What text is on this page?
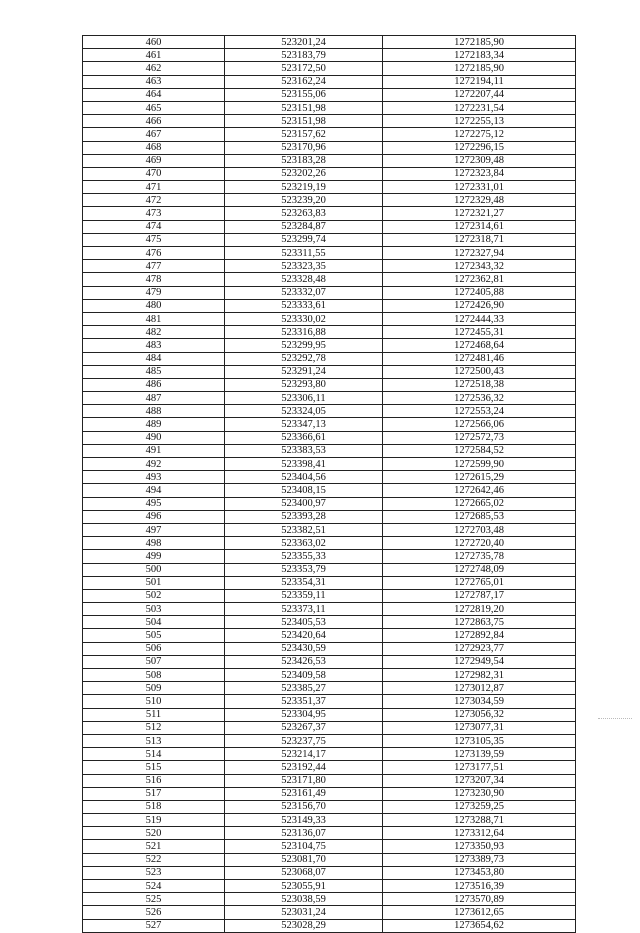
460	523201,24	1272185,90
461	523183,79	1272183,34
462	523172,50	1272185,90
463	523162,24	1272194,11
464	523155,06	1272207,44
465	523151,98	1272231,54
466	523151,98	1272255,13
467	523157,62	1272275,12
468	523170,96	1272296,15
469	523183,28	1272309,48
470	523202,26	1272323,84
471	523219,19	1272331,01
472	523239,20	1272329,48
473	523263,83	1272321,27
474	523284,87	1272314,61
475	523299,74	1272318,71
476	523311,55	1272327,94
477	523323,35	1272343,32
478	523328,48	1272362,81
479	523332,07	1272405,88
480	523333,61	1272426,90
481	523330,02	1272444,33
482	523316,88	1272455,31
483	523299,95	1272468,64
484	523292,78	1272481,46
485	523291,24	1272500,43
486	523293,80	1272518,38
487	523306,11	1272536,32
488	523324,05	1272553,24
489	523347,13	1272566,06
490	523366,61	1272572,73
491	523383,53	1272584,52
492	523398,41	1272599,90
493	523404,56	1272615,29
494	523408,15	1272642,46
495	523400,97	1272665,02
496	523393,28	1272685,53
497	523382,51	1272703,48
498	523363,02	1272720,40
499	523355,33	1272735,78
500	523353,79	1272748,09
501	523354,31	1272765,01
502	523359,11	1272787,17
503	523373,11	1272819,20
504	523405,53	1272863,75
505	523420,64	1272892,84
506	523430,59	1272923,77
507	523426,53	1272949,54
508	523409,58	1272982,31
509	523385,27	1273012,87
510	523351,37	1273034,59
511	523304,95	1273056,32
512	523267,37	1273077,31
513	523237,75	1273105,35
514	523214,17	1273139,59
515	523192,44	1273177,51
516	523171,80	1273207,34
517	523161,49	1273230,90
518	523156,70	1273259,25
519	523149,33	1273288,71
520	523136,07	1273312,64
521	523104,75	1273350,93
522	523081,70	1273389,73
523	523068,07	1273453,80
524	523055,91	1273516,39
525	523038,59	1273570,89
526	523031,24	1273612,65
527	523028,29	1273654,62
